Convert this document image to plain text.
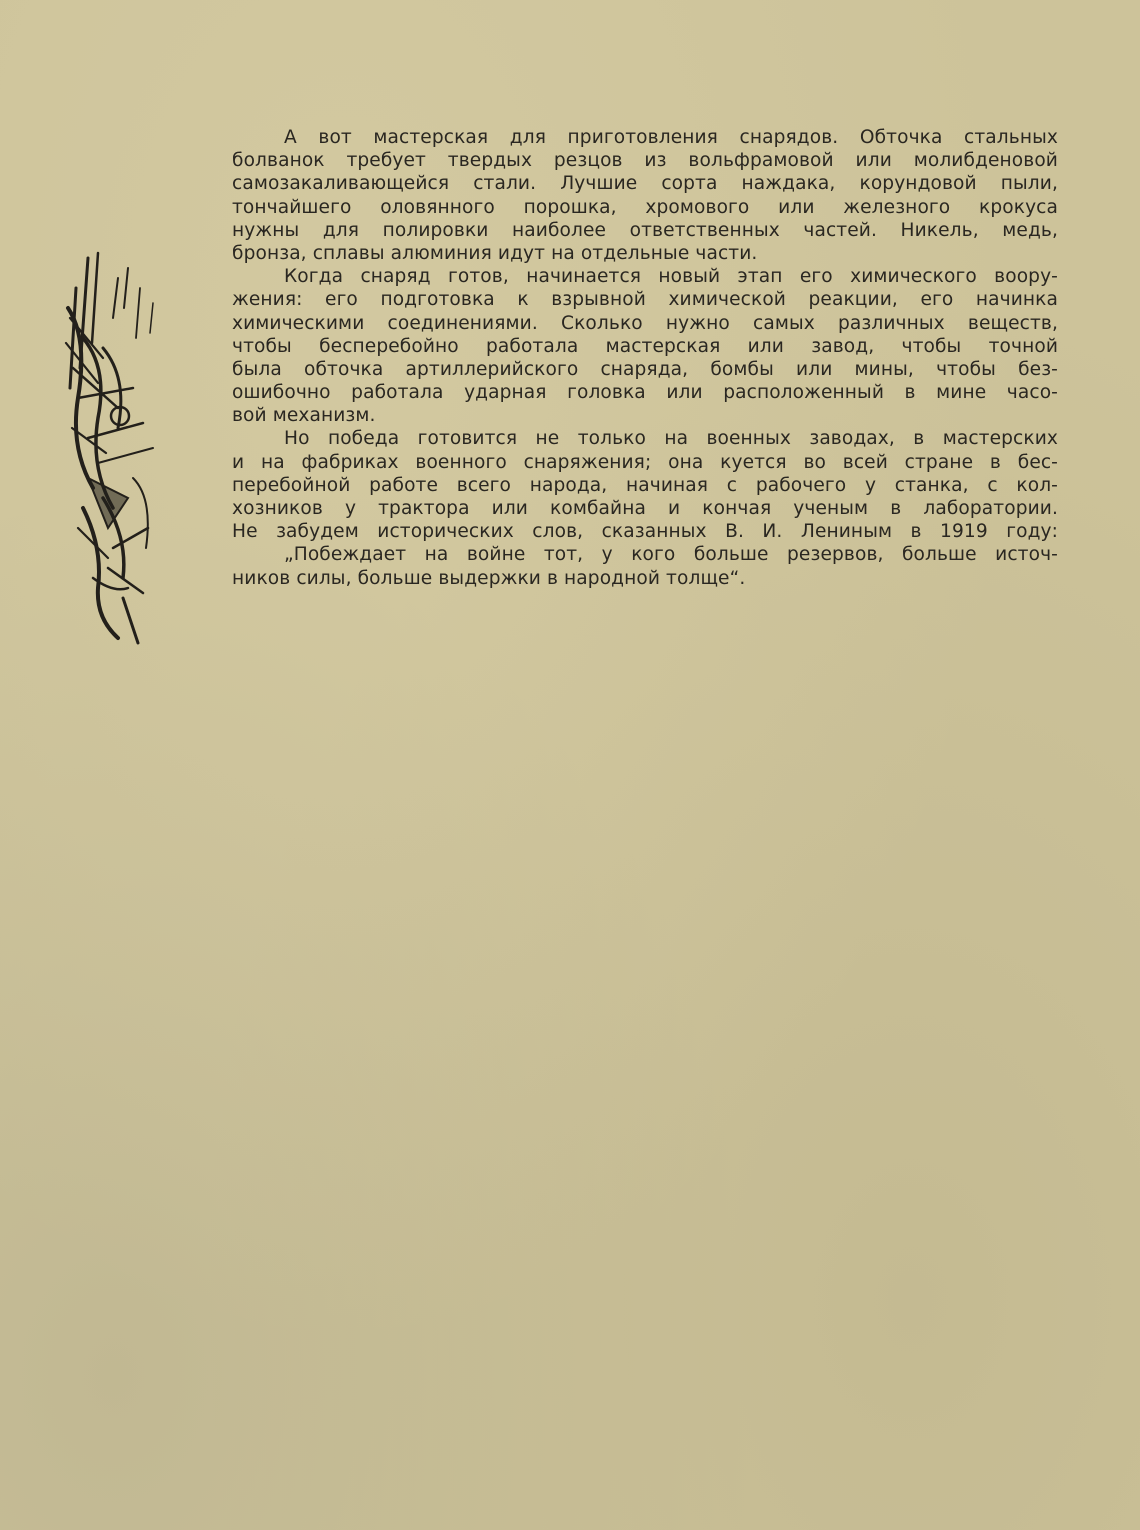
А вот мастерская для приготовления снарядов. Обточка стальных
болванок требует твердых резцов из вольфрамовой или молибденовой
самозакаливающейся стали. Лучшие сорта наждака, корундовой пыли,
тончайшего оловянного порошка, хромового или железного крокуса
нужны для полировки наиболее ответственных частей. Никель, медь,
бронза, сплавы алюминия идут на отдельные части.
Когда снаряд готов, начинается новый этап его химического воору-
жения: его подготовка к взрывной химической реакции, его начинка
химическими соединениями. Сколько нужно самых различных веществ,
чтобы бесперебойно работала мастерская или завод, чтобы точной
была обточка артиллерийского снаряда, бомбы или мины, чтобы без-
ошибочно работала ударная головка или расположенный в мине часо-
вой механизм.
Но победа готовится не только на военных заводах, в мастерских
и на фабриках военного снаряжения; она куется во всей стране в бес-
перебойной работе всего народа, начиная с рабочего у станка, с кол-
хозников у трактора или комбайна и кончая ученым в лаборатории.
Не забудем исторических слов, сказанных В. И. Лениным в 1919 году:
„Побеждает на войне тот, у кого больше резервов, больше источ-
ников силы, больше выдержки в народной толще“.
